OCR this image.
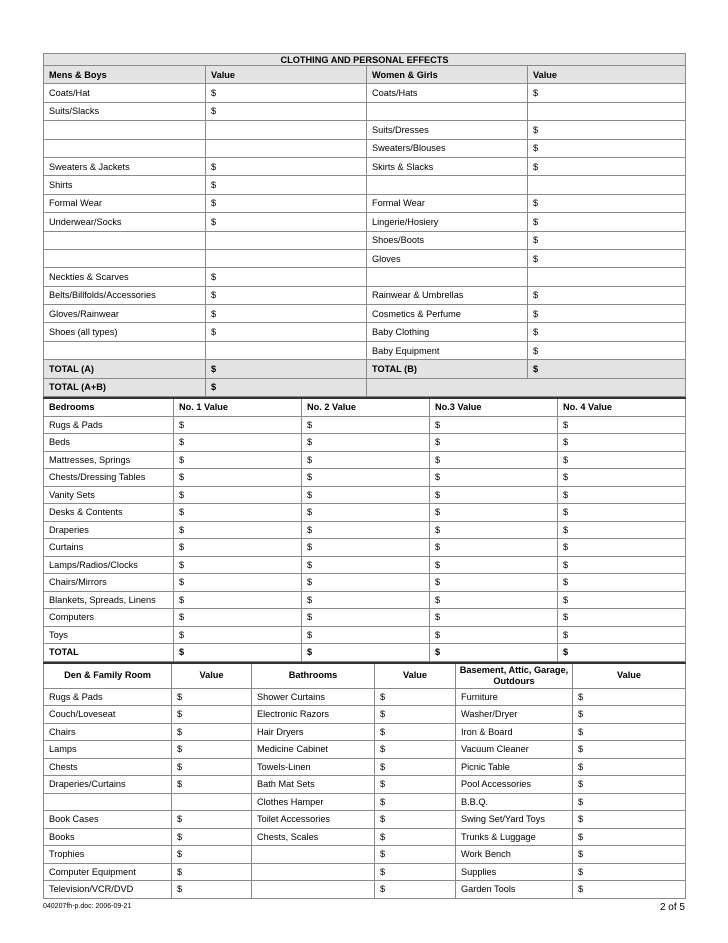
CLOTHING AND PERSONAL EFFECTS			
Mens & Boys	Value	Women & Girls	Value
Coats/Hat	$	Coats/Hats	$
Suits/Slacks	$		
		Suits/Dresses	$
		Sweaters/Blouses	$
Sweaters & Jackets	$	Skirts & Slacks	$
Shirts	$		
Formal Wear	$	Formal Wear	$
Underwear/Socks	$	Lingerie/Hosiery	$
		Shoes/Boots	$
		Gloves	$
Neckties & Scarves	$		
Belts/Billfolds/Accessories	$	Rainwear & Umbrellas	$
Gloves/Rainwear	$	Cosmetics & Perfume	$
Shoes (all types)	$	Baby Clothing	$
		Baby Equipment	$
TOTAL (A)	$	TOTAL (B)	$
TOTAL (A+B)	$		
Bedrooms	No. 1 Value	No. 2 Value	No.3 Value	No. 4 Value
Rugs & Pads	$	$	$	$
Beds	$	$	$	$
Mattresses, Springs	$	$	$	$
Chests/Dressing Tables	$	$	$	$
Vanity Sets	$	$	$	$
Desks & Contents	$	$	$	$
Draperies	$	$	$	$
Curtains	$	$	$	$
Lamps/Radios/Clocks	$	$	$	$
Chairs/Mirrors	$	$	$	$
Blankets, Spreads, Linens	$	$	$	$
Computers	$	$	$	$
Toys	$	$	$	$
TOTAL	$	$	$	$
Den & Family Room	Value	Bathrooms	Value	Basement, Attic, Garage, Outdours	Value
Rugs & Pads	$	Shower Curtains	$	Furniture	$
Couch/Loveseat	$	Electronic Razors	$	Washer/Dryer	$
Chairs	$	Hair Dryers	$	Iron & Board	$
Lamps	$	Medicine Cabinet	$	Vacuum Cleaner	$
Chests	$	Towels-Linen	$	Picnic Table	$
Draperies/Curtains	$	Bath Mat Sets	$	Pool Accessories	$
		Clothes Hamper	$	B.B.Q.	$
Book Cases	$	Toilet Accessories	$	Swing Set/Yard Toys	$
Books	$	Chests, Scales	$	Trunks & Luggage	$
Trophies	$		$	Work Bench	$
Computer Equipment	$		$	Supplies	$
Television/VCR/DVD	$		$	Garden Tools	$
040207fh-p.doc: 2006-09-21	2 of 5
